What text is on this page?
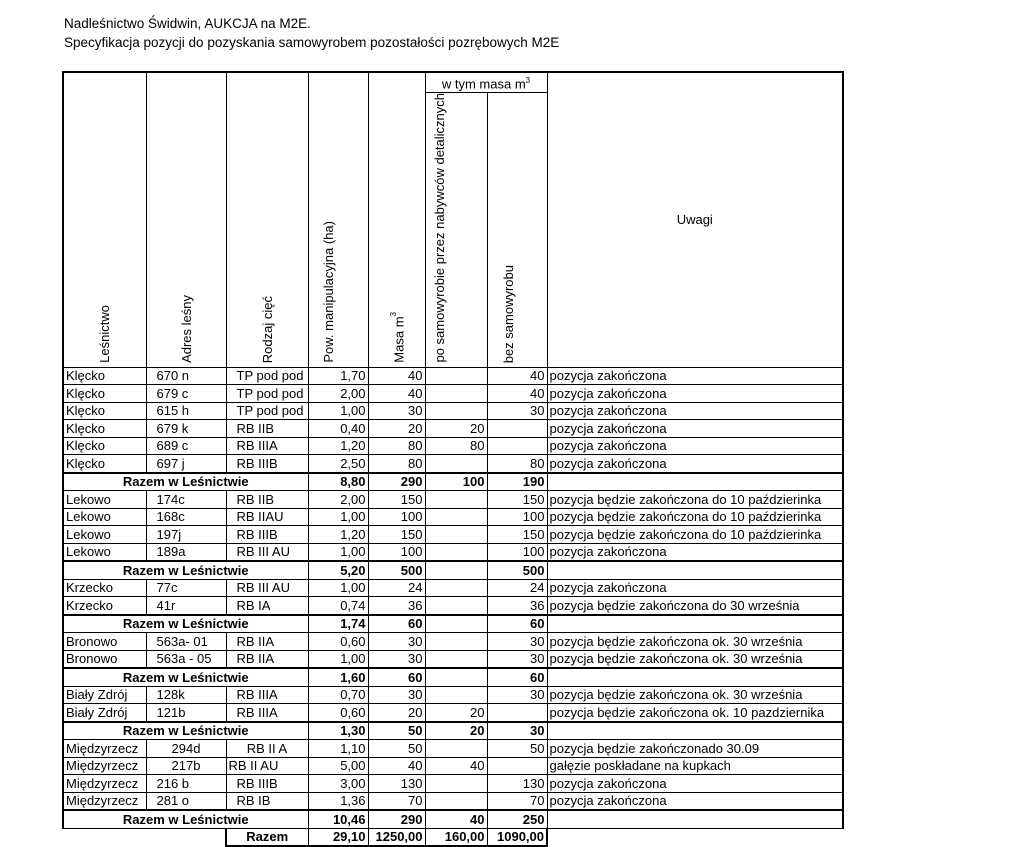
Nadleśnictwo Świdwin, AUKCJA na M2E.
Specyfikacja pozycji do pozyskania samowyrobem pozostałości pozrębowych M2E
Leśnictwo	Adres leśny	Rodzaj cięć	Pow. manipulacyjna (ha)	Masa $m^3$	w tym masa $m^3$		Uwagi
					po samowyrobie przez nabywców detalicznych	bez samowyrobu	
Klęcko	670 n	TP pod pod	1,70	40		40	pozycja zakończona
Klęcko	679 c	TP pod pod	2,00	40		40	pozycja zakończona
Klęcko	615 h	TP pod pod	1,00	30		30	pozycja zakończona
Klęcko	679 k	RB IIB	0,40	20	20		pozycja zakończona
Klęcko	689 c	RB IIIA	1,20	80	80		pozycja zakończona
Klęcko	697 j	RB IIIB	2,50	80		80	pozycja zakończona
Razem w Leśnictwie			8,80	290	100	190	
Lekowo	174c	RB IIB	2,00	150		150	pozycja będzie zakończona do 10 paździerinka
Lekowo	168c	RB IIAU	1,00	100		100	pozycja będzie zakończona do 10 paździerinka
Lekowo	197j	RB IIIB	1,20	150		150	pozycja będzie zakończona do 10 paździerinka
Lekowo	189a	RB III AU	1,00	100		100	pozycja zakończona
Razem w Leśnictwie			5,20	500		500	
Krzecko	77c	RB III AU	1,00	24		24	pozycja zakończona
Krzecko	41r	RB IA	0,74	36		36	pozycja będzie zakończona do 30 września
Razem w Leśnictwie			1,74	60		60	
Bronowo	563a- 01	RB IIA	0,60	30		30	pozycja będzie zakończona ok. 30 września
Bronowo	563a - 05	RB IIA	1,00	30		30	pozycja będzie zakończona ok. 30 września
Razem w Leśnictwie			1,60	60		60	
Biały Zdrój	128k	RB IIIA	0,70	30		30	pozycja będzie zakończona ok. 30 września
Biały Zdrój	121b	RB IIIA	0,60	20	20		pozycja będzie zakończona ok. 10 pazdziernika
Razem w Leśnictwie			1,30	50	20	30	
Międzyrzecz	294d	RB II A	1,10	50		50	pozycja będzie zakończonado 30.09
Międzyrzecz	217b	RB II AU	5,00	40	40		gałęzie poskładane na kupkach
Międzyrzecz	216 b	RB IIIB	3,00	130		130	pozycja zakończona
Międzyrzecz	281 o	RB IB	1,36	70		70	pozycja zakończona
Razem w Leśnictwie			10,46	290	40	250	
		Razem	29,10	1250,00	160,00	1090,00	
